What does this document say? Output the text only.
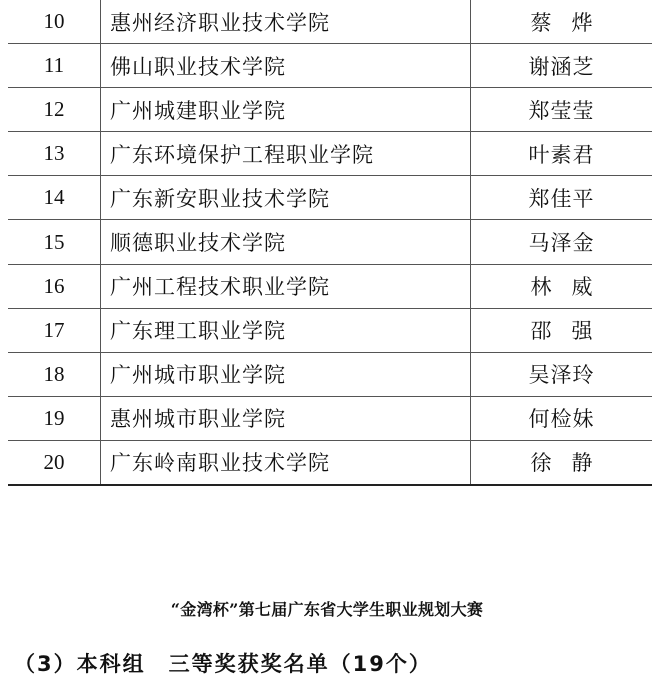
10	惠州经济职业技术学院	蔡烨
11	佛山职业技术学院	谢涵芝
12	广州城建职业学院	郑莹莹
13	广东环境保护工程职业学院	叶素君
14	广东新安职业技术学院	郑佳平
15	顺德职业技术学院	马泽金
16	广州工程技术职业学院	林威
17	广东理工职业学院	邵强
18	广州城市职业学院	吴泽玲
19	惠州城市职业学院	何检妹
20	广东岭南职业技术学院	徐静
“金湾杯”第七届广东省大学生职业规划大赛
（3）本科组　三等奖获奖名单（19个）
